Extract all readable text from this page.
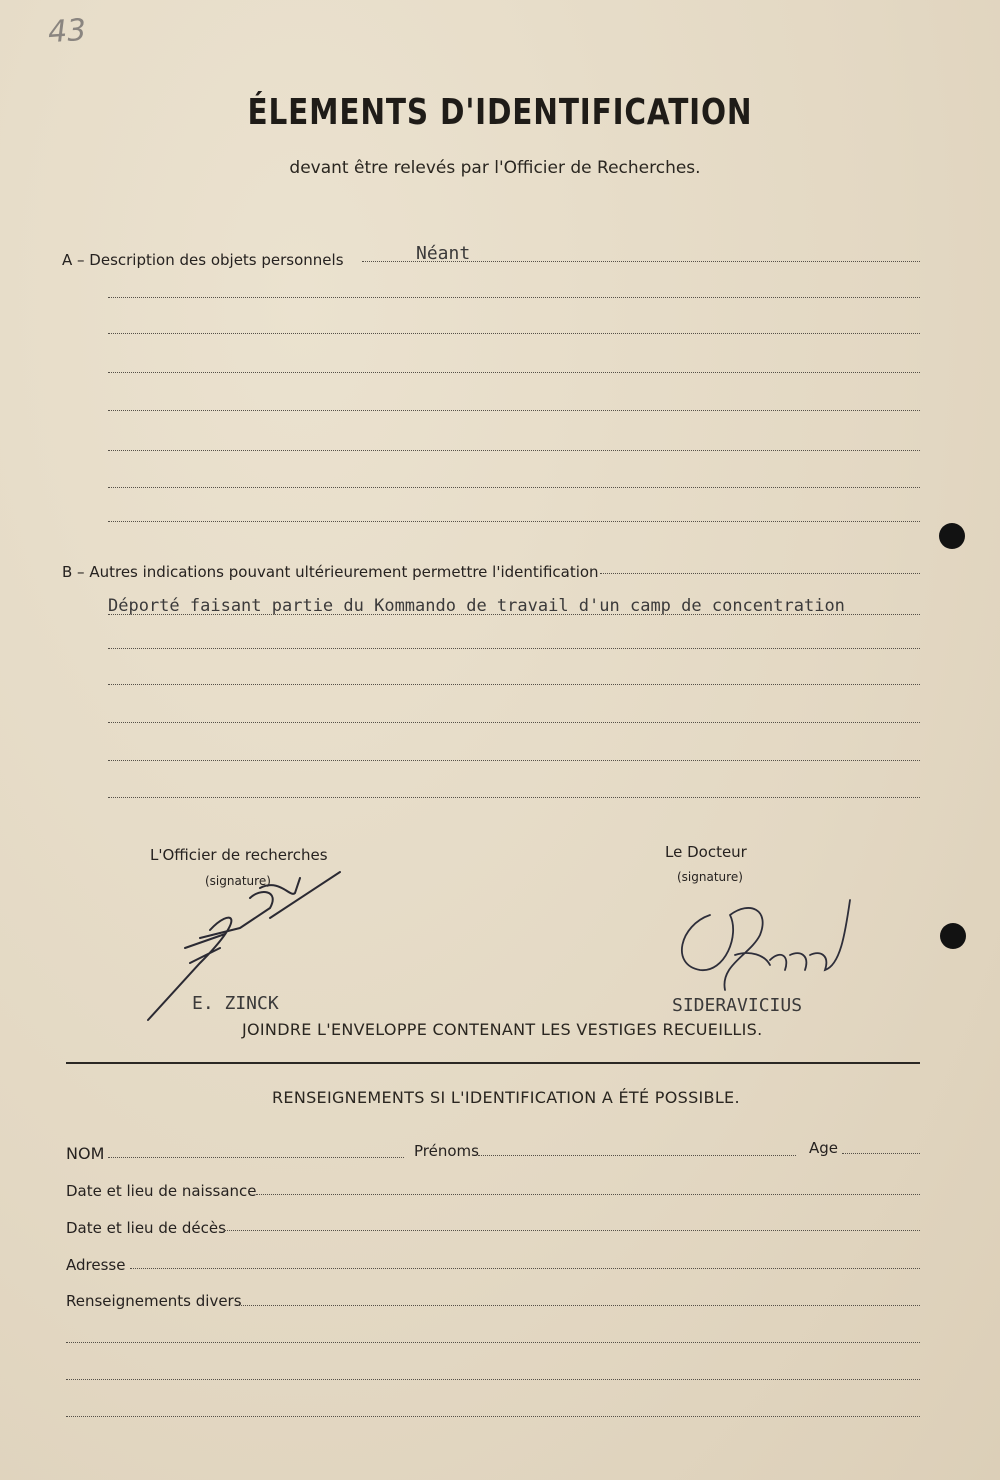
43
ÉLEMENTS D'IDENTIFICATION
devant être relevés par l'Officier de Recherches.
A – Description des objets personnels	Néant
B – Autres indications pouvant ultérieurement permettre l'identification
Déporté faisant partie du Kommando de travail d'un camp de concentration
L'Officier de recherches
(signature)
E. ZINCK
Le Docteur
(signature)
SIDERAVICIUS
JOINDRE L'ENVELOPPE CONTENANT LES VESTIGES RECUEILLIS.
RENSEIGNEMENTS SI L'IDENTIFICATION A ÉTÉ POSSIBLE.
NOM	Prénoms	Age
Date et lieu de naissance
Date et lieu de décès
Adresse
Renseignements divers
